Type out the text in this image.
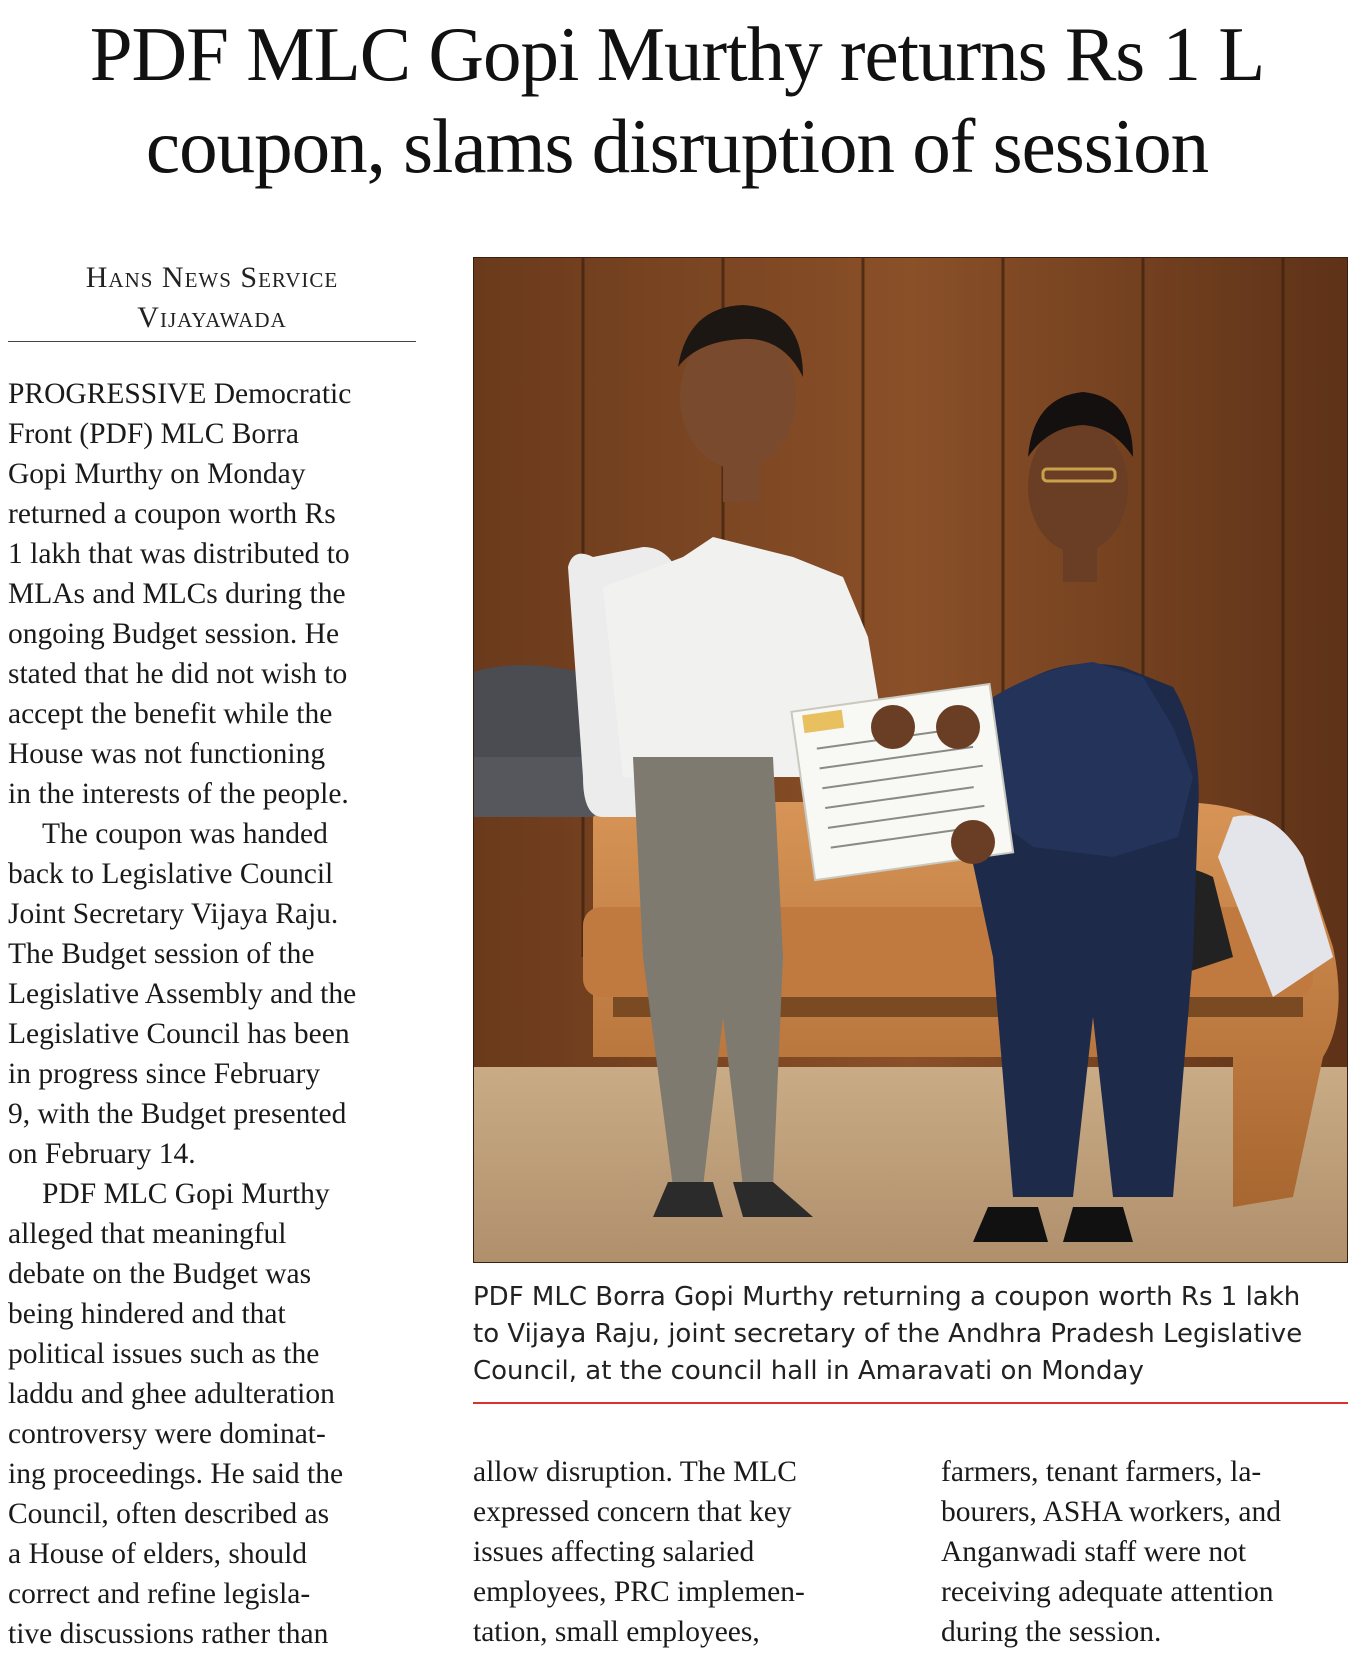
PDF MLC Gopi Murthy returns Rs 1 L
coupon, slams disruption of session
Hans News Service
Vijayawada
PROGRESSIVE Democratic
Front (PDF) MLC Borra
Gopi Murthy on Monday
returned a coupon worth Rs
1 lakh that was distributed to
MLAs and MLCs during the
ongoing Budget session. He
stated that he did not wish to
accept the benefit while the
House was not functioning
in the interests of the people.
The coupon was handed
back to Legislative Council
Joint Secretary Vijaya Raju.
The Budget session of the
Legislative Assembly and the
Legislative Council has been
in progress since February
9, with the Budget presented
on February 14.
PDF MLC Gopi Murthy
alleged that meaningful
debate on the Budget was
being hindered and that
political issues such as the
laddu and ghee adulteration
controversy were dominat-
ing proceedings. He said the
Council, often described as
a House of elders, should
correct and refine legisla-
tive discussions rather than
PDF MLC Borra Gopi Murthy returning a coupon worth Rs 1 lakh
to Vijaya Raju, joint secretary of the Andhra Pradesh Legislative
Council, at the council hall in Amaravati on Monday
allow disruption. The MLC
expressed concern that key
issues affecting salaried
employees, PRC implemen-
tation, small employees,
farmers, tenant farmers, la-
bourers, ASHA workers, and
Anganwadi staff were not
receiving adequate attention
during the session.
